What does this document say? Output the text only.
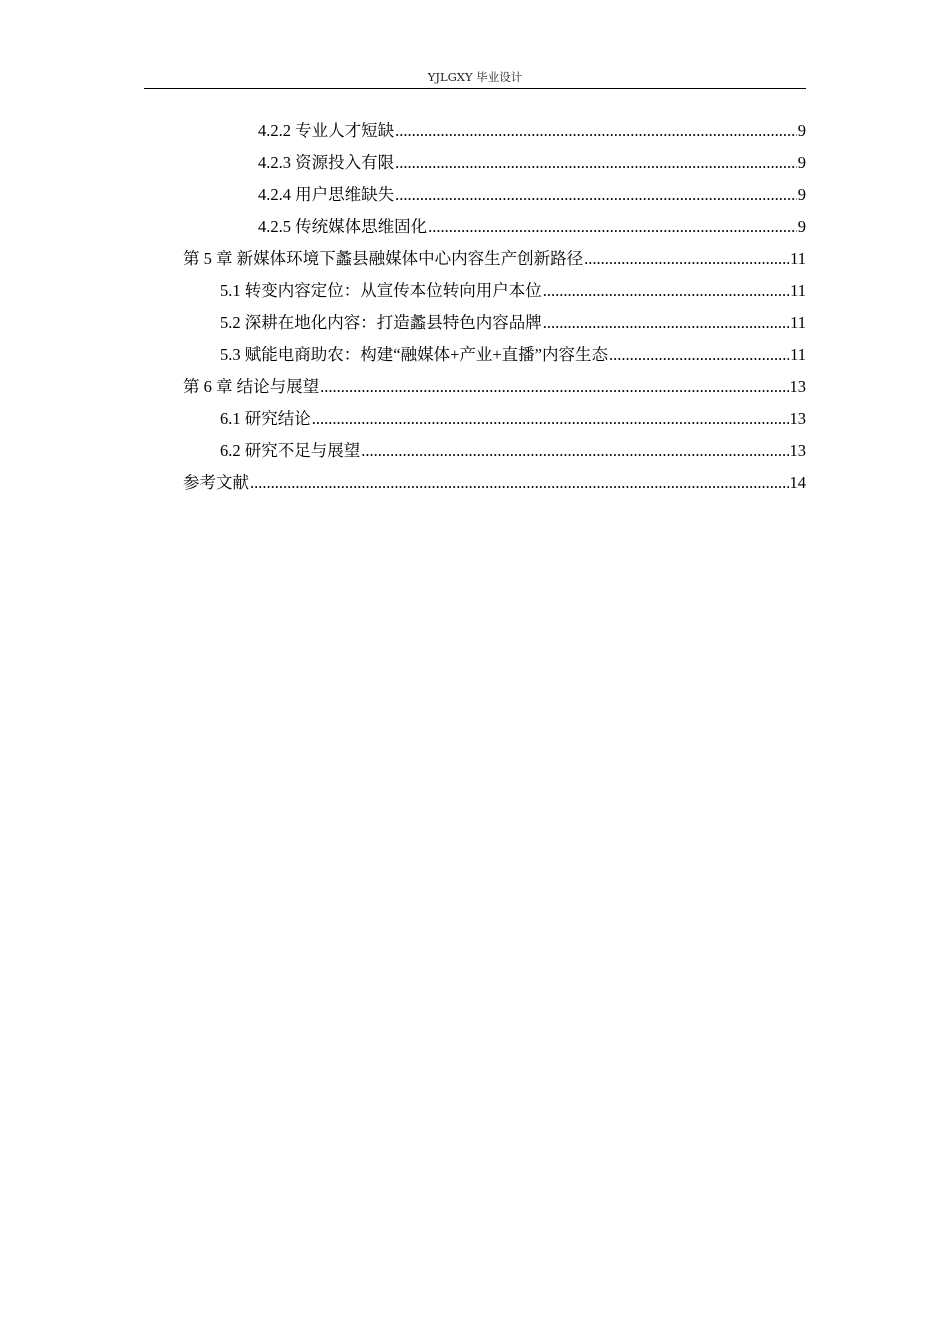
YJLGXY 毕业设计
4.2.2 专业人才短缺 .....	9
4.2.3 资源投入有限 .....	9
4.2.4 用户思维缺失 .....	9
4.2.5 传统媒体思维固化 .....	9
第 5 章 新媒体环境下蠡县融媒体中心内容生产创新路径 .....	11
5.1 转变内容定位：从宣传本位转向用户本位 .....	11
5.2 深耕在地化内容：打造蠡县特色内容品牌 .....	11
5.3 赋能电商助农：构建“融媒体+产业+直播”内容生态 .....	11
第 6 章 结论与展望 .....	13
6.1 研究结论 .....	13
6.2 研究不足与展望 .....	13
参考文献 .....	14
